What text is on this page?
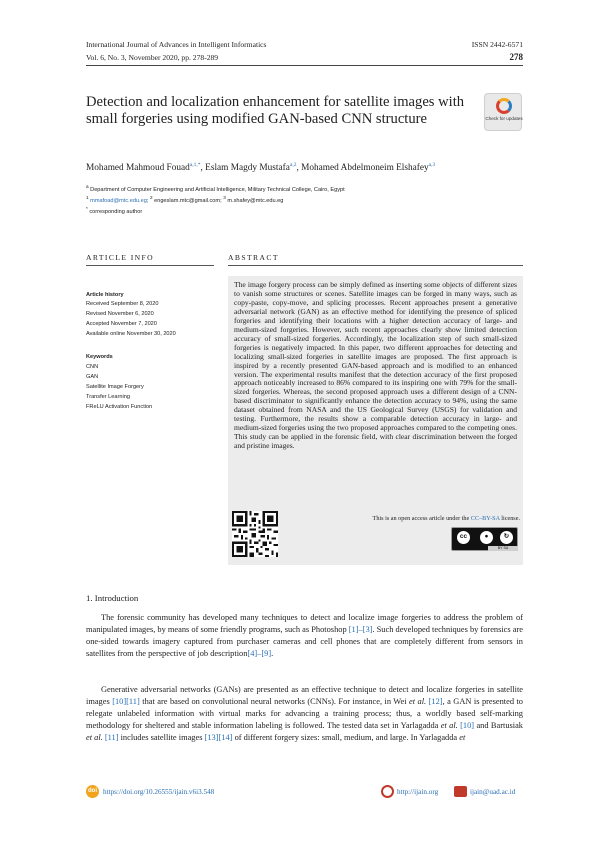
International Journal of Advances in Intelligent Informatics	ISSN 2442-6571
Vol. 6, No. 3, November 2020, pp. 278-289	278
Detection and localization enhancement for satellite images with small forgeries using modified GAN-based CNN structure	Check for updates
Mohamed Mahmoud Fouad$^{a,1,*}$, Eslam Magdy Mustafa$^{a,2}$, Mohamed Abdelmoneim Elshafey$^{a,3}$
$^a$ Department of Computer Engineering and Artificial Intelligence, Military Technical College, Cairo, Egypt
$^1$ mmafoad@mtc.edu.eg; $^2$ engeslam.mtc@gmail.com; $^3$ m.shafey@mtc.edu.eg
* corresponding author
ARTICLE INFO	ABSTRACT
Article history
Received September 8, 2020
Revised November 6, 2020
Accepted November 7, 2020
Available online November 30, 2020
Keywords
CNN
GAN
Satellite Image Forgery
Transfer Learning
FReLU Activation Function
The image forgery process can be simply defined as inserting some objects of different sizes to vanish some structures or scenes. Satellite images can be forged in many ways, such as copy-paste, copy-move, and splicing processes. Recent approaches present a generative adversarial network (GAN) as an effective method for identifying the presence of spliced forgeries and identifying their locations with a higher detection accuracy of large- and medium-sized forgeries. However, such recent approaches clearly show limited detection accuracy of small-sized forgeries. Accordingly, the localization step of such small-sized forgeries is negatively impacted. In this paper, two different approaches for detecting and localizing small-sized forgeries in satellite images are proposed. The first approach is inspired by a recently presented GAN-based approach and is modified to an enhanced version. The experimental results manifest that the detection accuracy of the first proposed approach noticeably increased to 86% compared to its inspiring one with 79% for the small-sized forgeries. Whereas, the second proposed approach uses a different design of a CNN-based discriminator to significantly enhance the detection accuracy to 94%, using the same dataset obtained from NASA and the US Geological Survey (USGS) for validation and testing. Furthermore, the results show a comparable detection accuracy in large- and medium-sized forgeries using the two proposed approaches compared to the competing ones. This study can be applied in the forensic field, with clear discrimination between the forged and pristine images.
This is an open access article under the CC–BY-SA license.
cc	●	↻
BY SA
1. Introduction
The forensic community has developed many techniques to detect and localize image forgeries to address the problem of manipulated images, by means of some friendly programs, such as Photoshop [1]–[3]. Such developed techniques by forensics are one-sided towards imagery captured from purchaser cameras and cell phones that are completely different from sensors in satellites from the perspective of job description[4]–[9].
Generative adversarial networks (GANs) are presented as an effective technique to detect and localize forgeries in satellite images [10][11] that are based on convolutional neural networks (CNNs). For instance, in Wei et al. [12], a GAN is presented to relegate unlabeled information with virtual marks for advancing a training process; thus, a worldly based self-marking methodology for sheltered and stable information labeling is followed. The tested data set in Yarlagadda et al. [10] and Bartusiak et al. [11] includes satellite images [13][14] of different forgery sizes: small, medium, and large. In Yarlagadda et
doi https://doi.org/10.26555/ijain.v6i3.548	http://ijain.org	ijain@uad.ac.id
